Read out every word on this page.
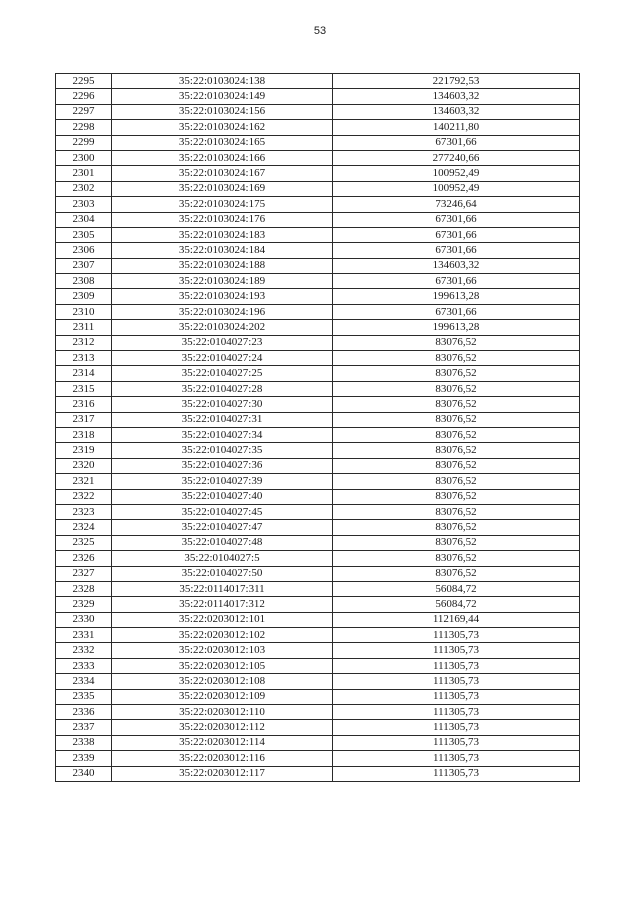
53
2295	35:22:0103024:138	221792,53
2296	35:22:0103024:149	134603,32
2297	35:22:0103024:156	134603,32
2298	35:22:0103024:162	140211,80
2299	35:22:0103024:165	67301,66
2300	35:22:0103024:166	277240,66
2301	35:22:0103024:167	100952,49
2302	35:22:0103024:169	100952,49
2303	35:22:0103024:175	73246,64
2304	35:22:0103024:176	67301,66
2305	35:22:0103024:183	67301,66
2306	35:22:0103024:184	67301,66
2307	35:22:0103024:188	134603,32
2308	35:22:0103024:189	67301,66
2309	35:22:0103024:193	199613,28
2310	35:22:0103024:196	67301,66
2311	35:22:0103024:202	199613,28
2312	35:22:0104027:23	83076,52
2313	35:22:0104027:24	83076,52
2314	35:22:0104027:25	83076,52
2315	35:22:0104027:28	83076,52
2316	35:22:0104027:30	83076,52
2317	35:22:0104027:31	83076,52
2318	35:22:0104027:34	83076,52
2319	35:22:0104027:35	83076,52
2320	35:22:0104027:36	83076,52
2321	35:22:0104027:39	83076,52
2322	35:22:0104027:40	83076,52
2323	35:22:0104027:45	83076,52
2324	35:22:0104027:47	83076,52
2325	35:22:0104027:48	83076,52
2326	35:22:0104027:5	83076,52
2327	35:22:0104027:50	83076,52
2328	35:22:0114017:311	56084,72
2329	35:22:0114017:312	56084,72
2330	35:22:0203012:101	112169,44
2331	35:22:0203012:102	111305,73
2332	35:22:0203012:103	111305,73
2333	35:22:0203012:105	111305,73
2334	35:22:0203012:108	111305,73
2335	35:22:0203012:109	111305,73
2336	35:22:0203012:110	111305,73
2337	35:22:0203012:112	111305,73
2338	35:22:0203012:114	111305,73
2339	35:22:0203012:116	111305,73
2340	35:22:0203012:117	111305,73
